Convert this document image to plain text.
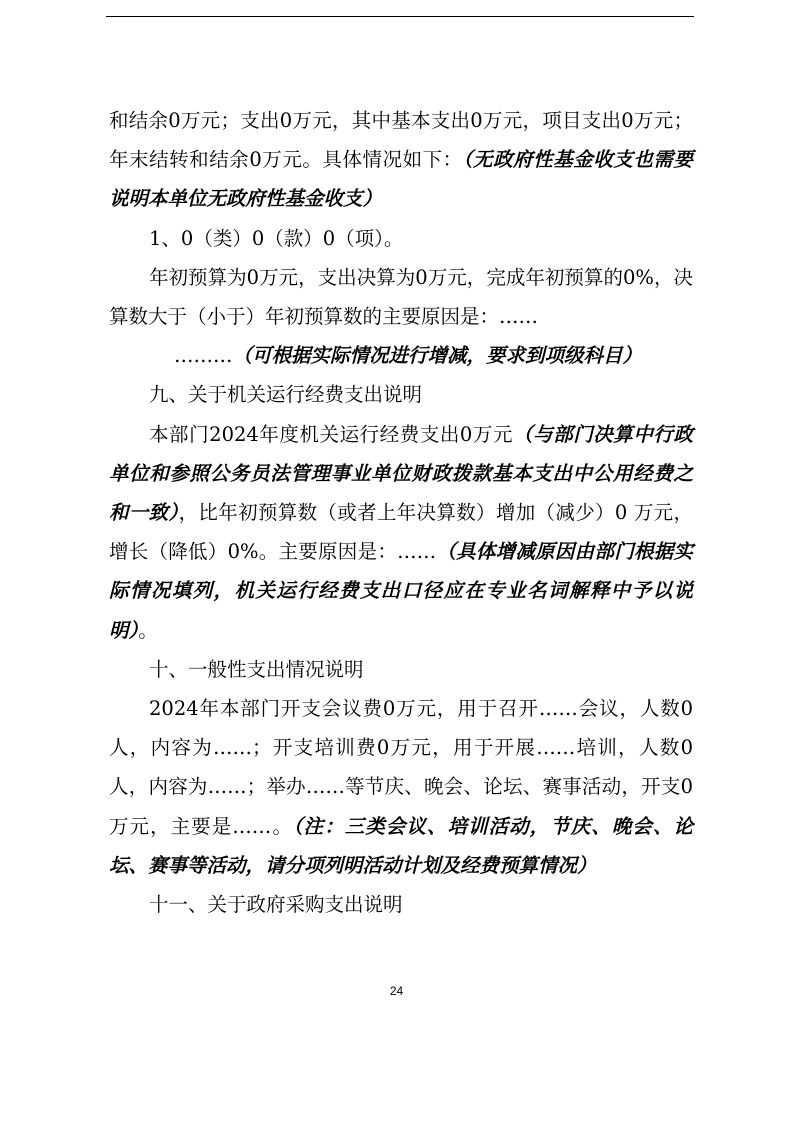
和结余0万元；支出0万元，其中基本支出0万元，项目支出0万元；年末结转和结余0万元。具体情况如下：（无政府性基金收支也需要说明本单位无政府性基金收支）

1、0（类）0（款）0（项）。

年初预算为0万元，支出决算为0万元，完成年初预算的0%，决算数大于（小于）年初预算数的主要原因是：……

………（可根据实际情况进行增减，要求到项级科目）

九、关于机关运行经费支出说明

本部门2024年度机关运行经费支出0万元（与部门决算中行政单位和参照公务员法管理事业单位财政拨款基本支出中公用经费之和一致），比年初预算数（或者上年决算数）增加（减少）0 万元，增长（降低）0%。主要原因是：……（具体增减原因由部门根据实际情况填列，机关运行经费支出口径应在专业名词解释中予以说明）。

十、一般性支出情况说明

2024年本部门开支会议费0万元，用于召开……会议，人数0人，内容为……；开支培训费0万元，用于开展……培训，人数0人，内容为……；举办……等节庆、晚会、论坛、赛事活动，开支0万元，主要是……。（注：三类会议、培训活动，节庆、晚会、论坛、赛事等活动，请分项列明活动计划及经费预算情况）

十一、关于政府采购支出说明

24
